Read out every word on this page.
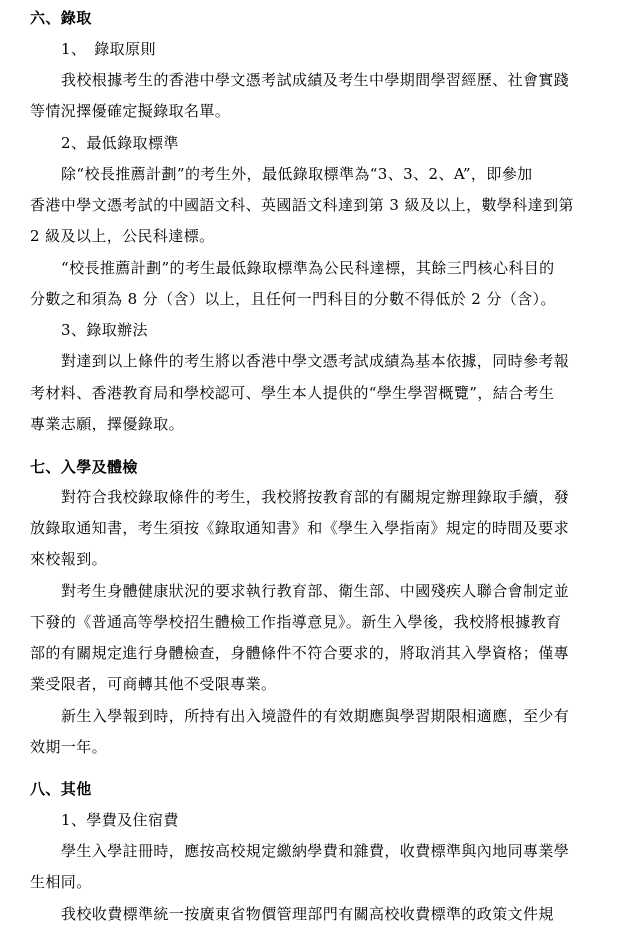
六、錄取
1、　錄取原則
我校根據考生的香港中學文憑考試成績及考生中學期間學習經歷、社會實踐
等情況擇優確定擬錄取名單。
2、最低錄取標準
除“校長推薦計劃”的考生外，最低錄取標準為“3、3、2、A”，即參加
香港中學文憑考試的中國語文科、英國語文科達到第 3 級及以上，數學科達到第
2 級及以上，公民科達標。
“校長推薦計劃”的考生最低錄取標準為公民科達標，其餘三門核心科目的
分數之和須為 8 分（含）以上，且任何一門科目的分數不得低於 2 分（含）。
3、錄取辦法
對達到以上條件的考生將以香港中學文憑考試成績為基本依據，同時參考報
考材料、香港教育局和學校認可、學生本人提供的“學生學習概覽”，結合考生
專業志願，擇優錄取。
七、入學及體檢
對符合我校錄取條件的考生，我校將按教育部的有關規定辦理錄取手續，發
放錄取通知書，考生須按《錄取通知書》和《學生入學指南》規定的時間及要求
來校報到。
對考生身體健康狀況的要求執行教育部、衛生部、中國殘疾人聯合會制定並
下發的《普通高等學校招生體檢工作指導意見》。新生入學後，我校將根據教育
部的有關規定進行身體檢查，身體條件不符合要求的，將取消其入學資格；僅專
業受限者，可商轉其他不受限專業。
新生入學報到時，所持有出入境證件的有效期應與學習期限相適應，至少有
效期一年。
八、其他
1、學費及住宿費
學生入學註冊時，應按高校規定繳納學費和雜費，收費標準與內地同專業學
生相同。
我校收費標準統一按廣東省物價管理部門有關高校收費標準的政策文件規
